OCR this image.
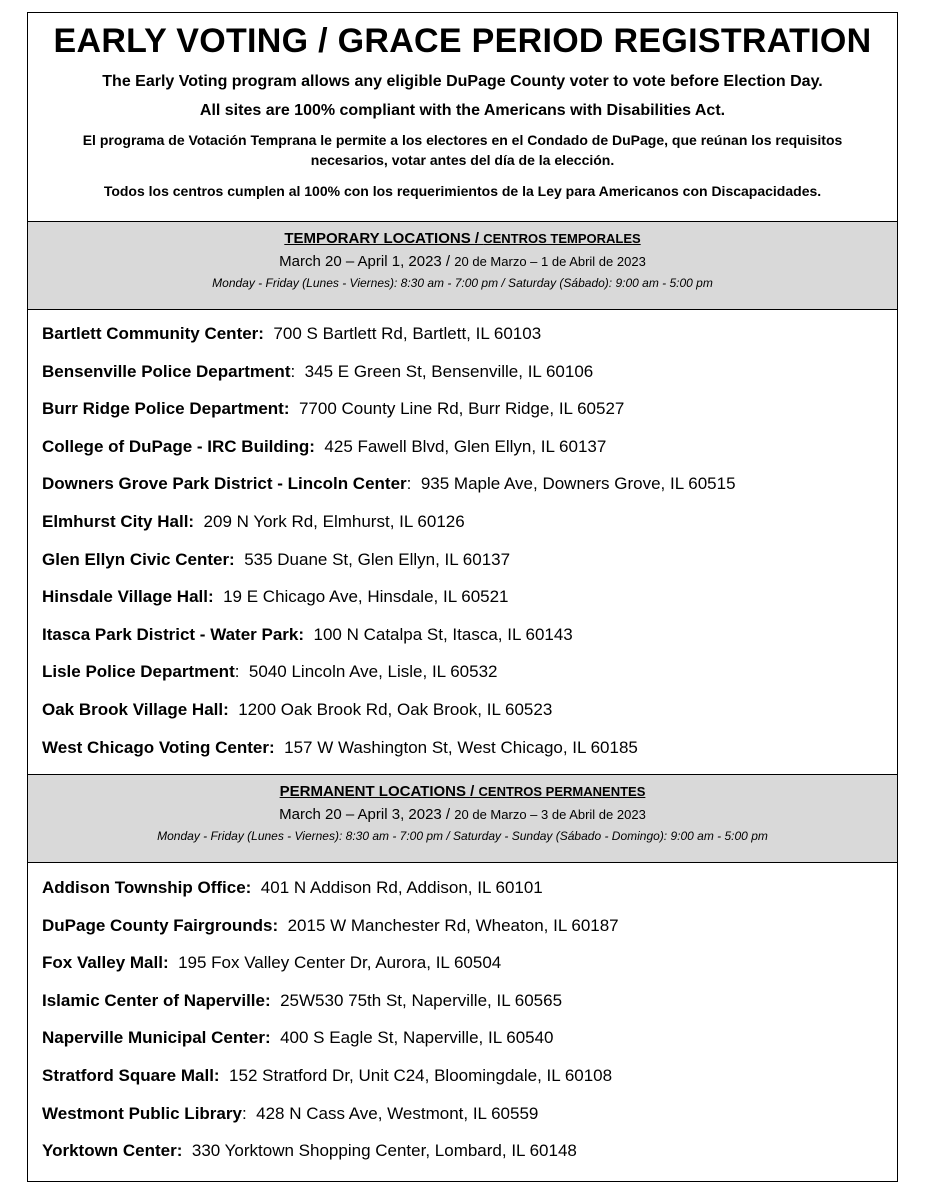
EARLY VOTING / GRACE PERIOD REGISTRATION

The Early Voting program allows any eligible DuPage County voter to vote before Election Day.

All sites are 100% compliant with the Americans with Disabilities Act.

El programa de Votación Temprana le permite a los electores en el Condado de DuPage, que reúnan los requisitos necesarios, votar antes del día de la elección.

Todos los centros cumplen al 100% con los requerimientos de la Ley para Americanos con Discapacidades.

TEMPORARY LOCATIONS / CENTROS TEMPORALES
March 20 – April 1, 2023 / 20 de Marzo – 1 de Abril de 2023
Monday - Friday (Lunes - Viernes): 8:30 am - 7:00 pm / Saturday (Sábado): 9:00 am - 5:00 pm
Bartlett Community Center: 700 S Bartlett Rd, Bartlett, IL 60103
Bensenville Police Department: 345 E Green St, Bensenville, IL 60106
Burr Ridge Police Department: 7700 County Line Rd, Burr Ridge, IL 60527
College of DuPage - IRC Building: 425 Fawell Blvd, Glen Ellyn, IL 60137
Downers Grove Park District - Lincoln Center: 935 Maple Ave, Downers Grove, IL 60515
Elmhurst City Hall: 209 N York Rd, Elmhurst, IL 60126
Glen Ellyn Civic Center: 535 Duane St, Glen Ellyn, IL 60137
Hinsdale Village Hall: 19 E Chicago Ave, Hinsdale, IL 60521
Itasca Park District - Water Park: 100 N Catalpa St, Itasca, IL 60143
Lisle Police Department: 5040 Lincoln Ave, Lisle, IL 60532
Oak Brook Village Hall: 1200 Oak Brook Rd, Oak Brook, IL 60523
West Chicago Voting Center: 157 W Washington St, West Chicago, IL 60185
PERMANENT LOCATIONS / CENTROS PERMANENTES
March 20 – April 3, 2023 / 20 de Marzo – 3 de Abril de 2023
Monday - Friday (Lunes - Viernes): 8:30 am - 7:00 pm / Saturday - Sunday (Sábado - Domingo): 9:00 am - 5:00 pm
Addison Township Office: 401 N Addison Rd, Addison, IL 60101
DuPage County Fairgrounds: 2015 W Manchester Rd, Wheaton, IL 60187
Fox Valley Mall: 195 Fox Valley Center Dr, Aurora, IL 60504
Islamic Center of Naperville: 25W530 75th St, Naperville, IL 60565
Naperville Municipal Center: 400 S Eagle St, Naperville, IL 60540
Stratford Square Mall: 152 Stratford Dr, Unit C24, Bloomingdale, IL 60108
Westmont Public Library: 428 N Cass Ave, Westmont, IL 60559
Yorktown Center: 330 Yorktown Shopping Center, Lombard, IL 60148
